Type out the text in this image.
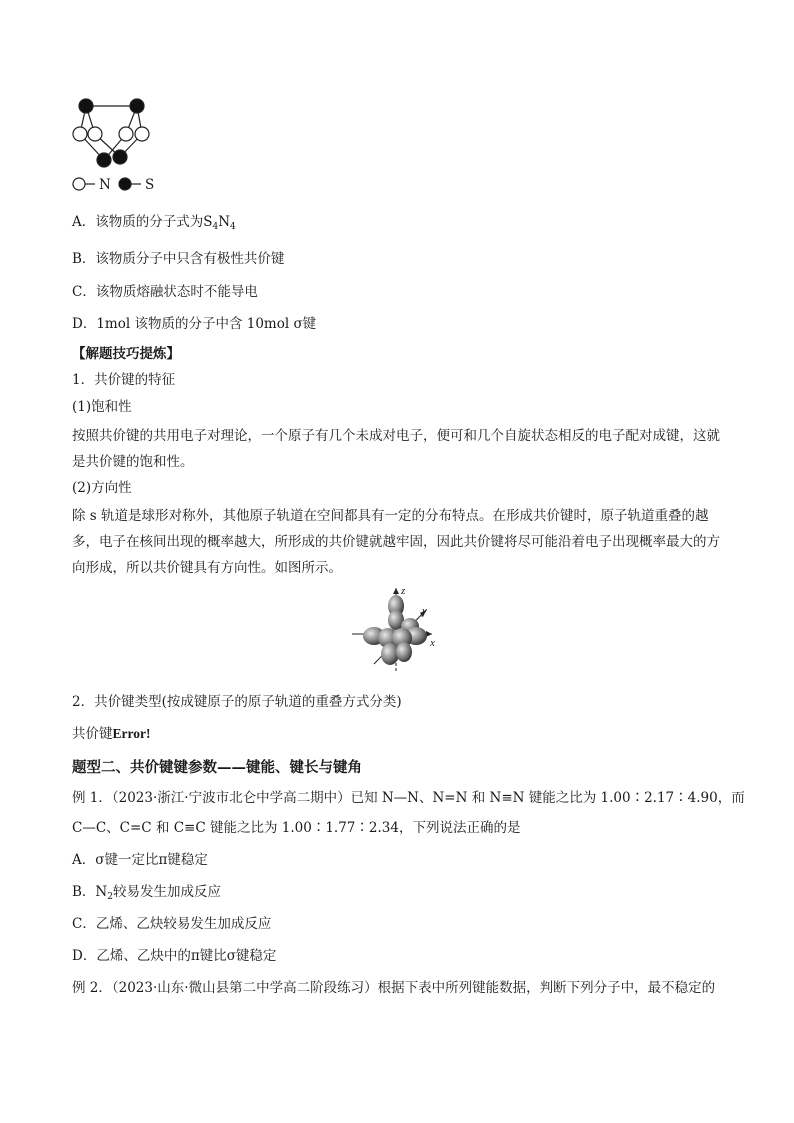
N	S
A．该物质的分子式为$S_4N_4$
B．该物质分子中只含有极性共价键
C．该物质熔融状态时不能导电
D．1mol 该物质的分子中含 10mol σ键
【解题技巧提炼】
1．共价键的特征
(1)饱和性
按照共价键的共用电子对理论，一个原子有几个未成对电子，便可和几个自旋状态相反的电子配对成键，这就是共价键的饱和性。
(2)方向性
除 s 轨道是球形对称外，其他原子轨道在空间都具有一定的分布特点。在形成共价键时，原子轨道重叠的越多，电子在核间出现的概率越大，所形成的共价键就越牢固，因此共价键将尽可能沿着电子出现概率最大的方向形成，所以共价键具有方向性。如图所示。
z
y
x
2．共价键类型(按成键原子的原子轨道的重叠方式分类)
共价键Error!
题型二、共价键键参数——键能、键长与键角
例 1．（2023·浙江·宁波市北仑中学高二期中）已知 N—N、N=N 和 N≡N 键能之比为 1.00∶2.17∶4.90，而
C—C、C=C 和 C≡C 键能之比为 1.00∶1.77∶2.34，下列说法正确的是
A．σ键一定比π键稳定
B．$N_2$较易发生加成反应
C．乙烯、乙炔较易发生加成反应
D．乙烯、乙炔中的π键比σ键稳定
例 2．（2023·山东·微山县第二中学高二阶段练习）根据下表中所列键能数据，判断下列分子中，最不稳定的
